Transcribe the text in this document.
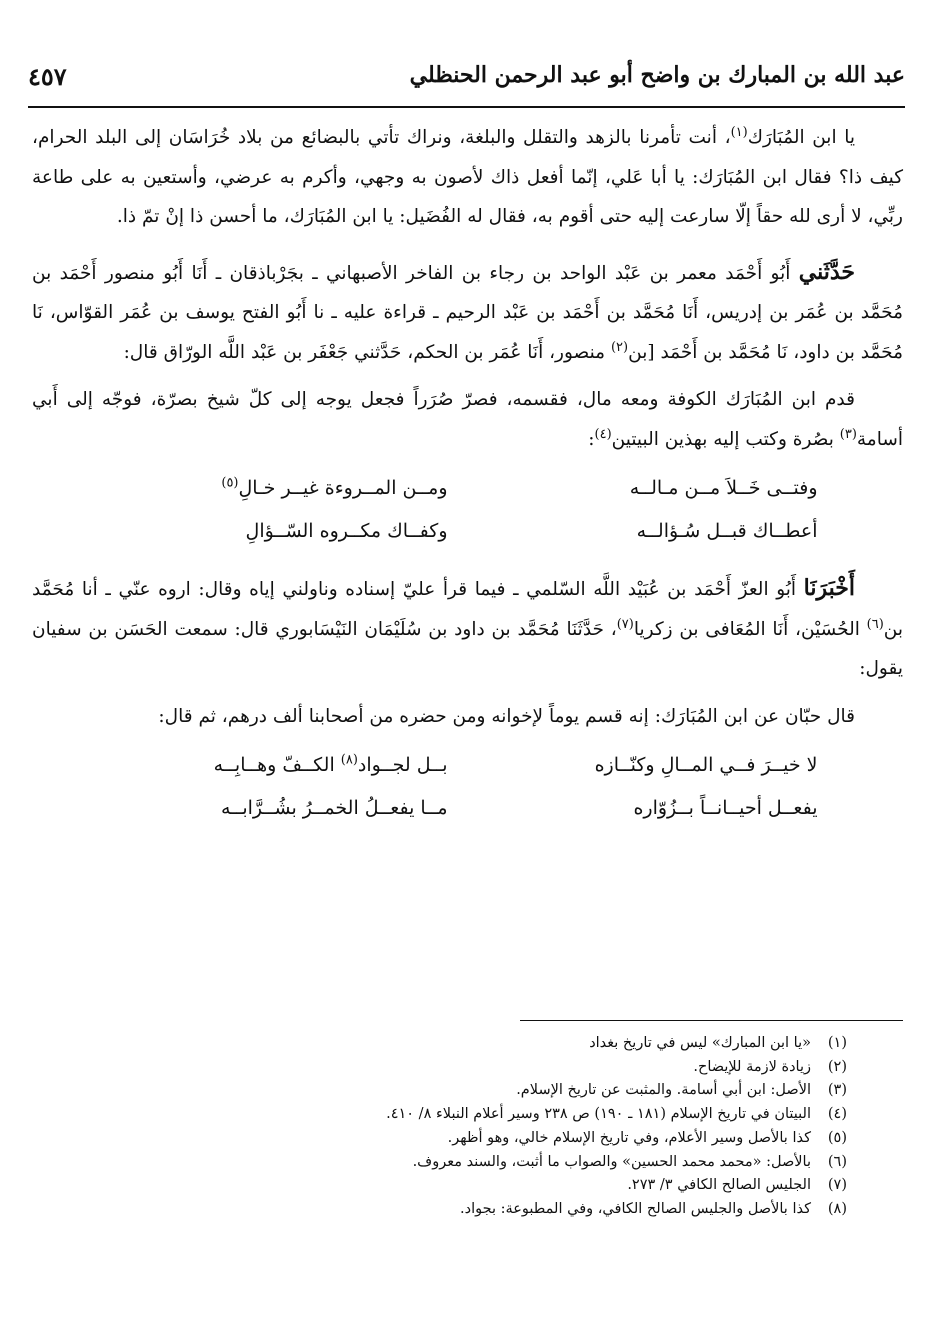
عبد الله بن المبارك بن واضح أبو عبد الرحمن الحنظلي
٤٥٧

يا ابن المُبَارَك$^{(١)}$، أنت تأمرنا بالزهد والتقلل والبلغة، ونراك تأتي بالبضائع من بلاد خُرَاسَان إلى البلد الحرام، كيف ذا؟ فقال ابن المُبَارَك: يا أبا عَلي، إنّما أفعل ذاك لأصون به وجهي، وأكرم به عرضي، وأستعين به على طاعة ربِّي، لا أرى لله حقاً إلّا سارعت إليه حتى أقوم به، فقال له الفُضَيل: يا ابن المُبَارَك، ما أحسن ذا إنْ تمّ ذا.

حَدَّثَني أَبُو أَحْمَد معمر بن عَبْد الواحد بن رجاء بن الفاخر الأصبهاني ـ بجَرْباذقان ـ أَنَا أَبُو منصور أَحْمَد بن مُحَمَّد بن عُمَر بن إدريس، أَنَا مُحَمَّد بن أَحْمَد بن عَبْد الرحيم ـ قراءة عليه ـ نا أَبُو الفتح يوسف بن عُمَر القوّاس، نَا مُحَمَّد بن داود، نَا مُحَمَّد بن أَحْمَد [بن$^{(٢)}$ منصور، أَنَا عُمَر بن الحكم، حَدَّثني جَعْفَر بن عَبْد اللَّه الورّاق قال:

قدم ابن المُبَارَك الكوفة ومعه مال، فقسمه، فصرّ صُرَراً فجعل يوجه إلى كلّ شيخ بصرّة، فوجّه إلى أَبي أسامة$^{(٣)}$ بصُرة وكتب إليه بهذين البيتين$^{(٤)}$:

وفتــى خَــلاَ مــن مـالــه
ومــن المــروءة غيــر خـالِ$^{(٥)}$
أعطــاك قبــل سُـؤالــه
وكفــاك مكــروه السّــؤالِ

أَخْبَرَنَا أَبُو العزّ أَحْمَد بن عُبَيْد اللَّه السّلمي ـ فيما قرأ عليّ إسناده وناولني إياه وقال: اروه عنّي ـ أنا مُحَمَّد بن$^{(٦)}$ الحُسَيْن، أَنَا المُعَافى بن زكريا$^{(٧)}$، حَدَّثَنَا مُحَمَّد بن داود بن سُلَيْمَان النَيْسَابوري قال: سمعت الحَسَن بن سفيان يقول:

قال حبّان عن ابن المُبَارَك: إنه قسم يوماً لإخوانه ومن حضره من أصحابنا ألف درهم، ثم قال:

لا خيــرَ فــي المــالِ وكنّــازه
بــل لجــواد$^{(٨)}$ الكــفّ وهــابِــه
يفعــل أحيــانــاً بــزُوّاره
مــا يفعــلُ الخمــرُ بشُــرَّابــه

(١)«يا ابن المبارك» ليس في تاريخ بغداد

(٢)زيادة لازمة للإيضاح.

(٣)الأصل: ابن أبي أسامة. والمثبت عن تاريخ الإسلام.

(٤)البيتان في تاريخ الإسلام (١٨١ ـ ١٩٠) ص ٢٣٨ وسير أعلام النبلاء ٨/ ٤١٠.

(٥)كذا بالأصل وسير الأعلام، وفي تاريخ الإسلام خالي، وهو أظهر.

(٦)بالأصل: «محمد محمد الحسين» والصواب ما أثبت، والسند معروف.

(٧)الجليس الصالح الكافي ٣/ ٢٧٣.

(٨)كذا بالأصل والجليس الصالح الكافي، وفي المطبوعة: بجواد.
